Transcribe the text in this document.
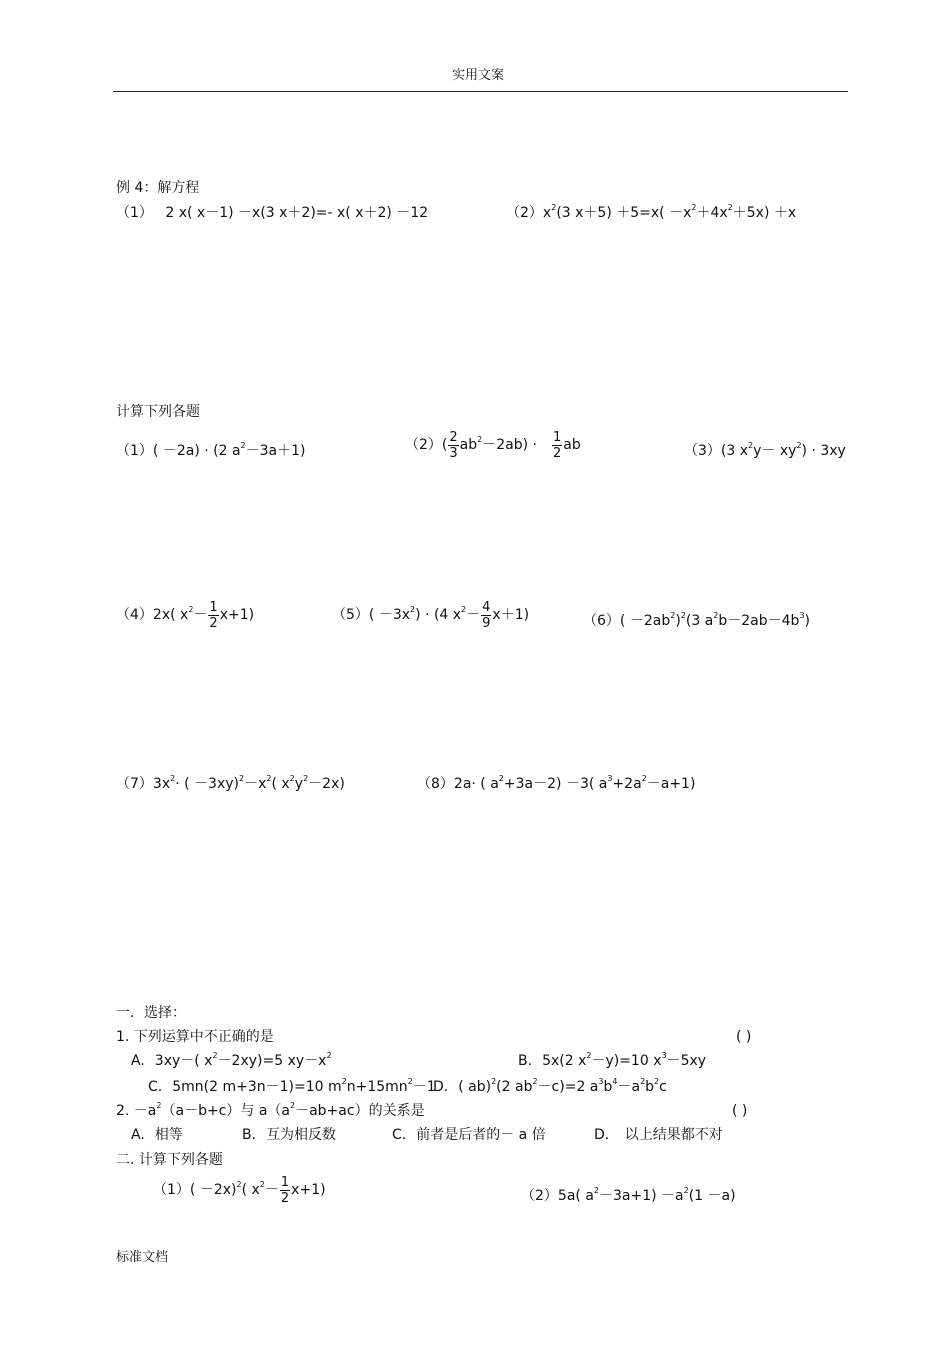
实用文案
例 4：解方程
（1） 2 x( x－1) －x(3 x＋2)=- x( x＋2) －12	$(2)x^2(3$ $x+5) +5=x( -x^2+4x^2+5x) +x$
计算下列各题
（1）( －2a) · (2 $a^2-3a+1$)	$(2)( \frac{2}{3} ab^2-2ab) \cdot \frac{1}{2}$ ab	（3）(3 $x^2y- xy^2) \cdot 3xy$
（4）2x( $x^2- \frac{1}{2} x+1$)	$(5)( -3x^2) \cdot (4$ $x^2- \frac{4}{9} x+1$)	$(6)( -2ab^2)^2(3$ $a^2b-2ab-4b^3$)
$(7)3x^2\cdot$ ( $-3xy)^2-x^2$( $x^2y^2-2x$)	（8）2a· ( $a^2+3a-2) -3$( $a^3+2a^2-a+1$)
一．选择：
1. 下列运算中不正确的是	( )
A. 3xy－( $x^2-2xy)=5$ $xy-x^2$	B. 5x(2 $x^2-y)=10$ $x^3-5xy$
C. 5mn(2 m+3n－1)=10 $m^2n+15mn^2-1$
D. ( ab)$^2$(2 $ab^2-c)=2$ $a^3b^4-a^2b^2c$
2. $-a^2(a-b+c)$与 $a(a^2-ab+ac)$的关系是	( )
A. 相等	B. 互为相反数	C. 前者是后者的－ a 倍	D． 以上结果都不对
二. 计算下列各题
$(1)( -2x)^2$( $x^2- \frac{1}{2} x+1$)	（2）5a( $a^2-3a+1) -a^2(1 -a)$
标准文档
